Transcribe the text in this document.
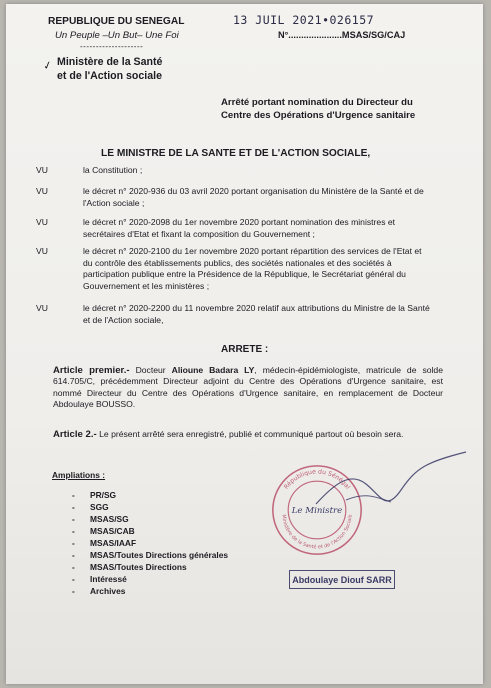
REPUBLIQUE DU SENEGAL
Un Peuple –Un But– Une Foi
--------------------
✓ Ministère de la Santé
et de l'Action sociale
13 JUIL 2021•026157
N°.....................MSAS/SG/CAJ
Arrêté portant nomination du Directeur du
Centre des Opérations d'Urgence sanitaire
LE MINISTRE DE LA SANTE ET DE L'ACTION SOCIALE,
VU	la Constitution ;
VU	le décret n° 2020-936 du 03 avril 2020 portant organisation du Ministère de la Santé et de l'Action sociale ;
VU	le décret n° 2020-2098 du 1er novembre 2020 portant nomination des ministres et secrétaires d'Etat et fixant la composition du Gouvernement ;
VU	le décret n° 2020-2100 du 1er novembre 2020 portant répartition des services de l'Etat et du contrôle des établissements publics, des sociétés nationales et des sociétés à participation publique entre la Présidence de la République, le Secrétariat général du Gouvernement et les ministères ;
VU	le décret n° 2020-2200 du 11 novembre 2020 relatif aux attributions du Ministre de la Santé et de l'Action sociale,
ARRETE :
Article premier.- Docteur Alioune Badara LY, médecin-épidémiologiste, matricule de solde 614.705/C, précédemment Directeur adjoint du Centre des Opérations d'Urgence sanitaire, est nommé Directeur du Centre des Opérations d'Urgence sanitaire, en remplacement de Docteur Abdoulaye BOUSSO.
Article 2.- Le présent arrêté sera enregistré, publié et communiqué partout où besoin sera.
Ampliations :
- PR/SG
- SGG
- MSAS/SG
- MSAS/CAB
- MSAS/IAAF
- MSAS/Toutes Directions générales
- MSAS/Toutes Directions
- Intéressé
- Archives
République du Sénégal
Ministère de la Santé et de l'Action Sociale
Le Ministre
Abdoulaye Diouf SARR
